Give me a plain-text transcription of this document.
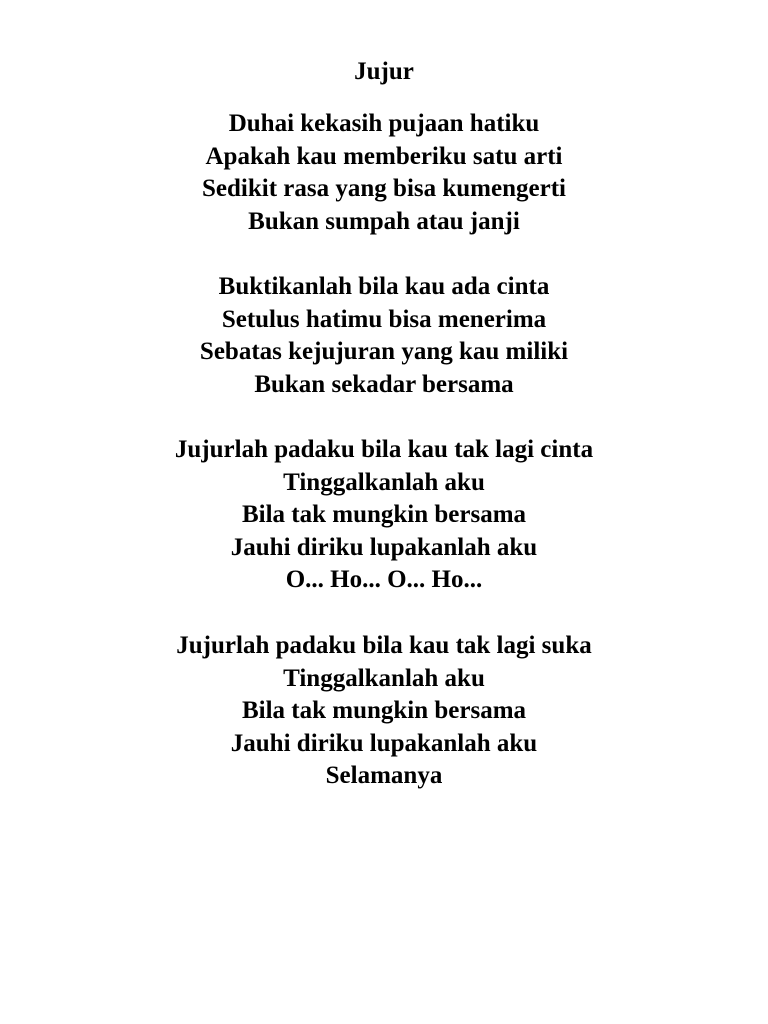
Jujur
Duhai kekasih pujaan hatiku
Apakah kau memberiku satu arti
Sedikit rasa yang bisa kumengerti
Bukan sumpah atau janji
Buktikanlah bila kau ada cinta
Setulus hatimu bisa menerima
Sebatas kejujuran yang kau miliki
Bukan sekadar bersama
Jujurlah padaku bila kau tak lagi cinta
Tinggalkanlah aku
Bila tak mungkin bersama
Jauhi diriku lupakanlah aku
O... Ho... O... Ho...
Jujurlah padaku bila kau tak lagi suka
Tinggalkanlah aku
Bila tak mungkin bersama
Jauhi diriku lupakanlah aku
Selamanya
